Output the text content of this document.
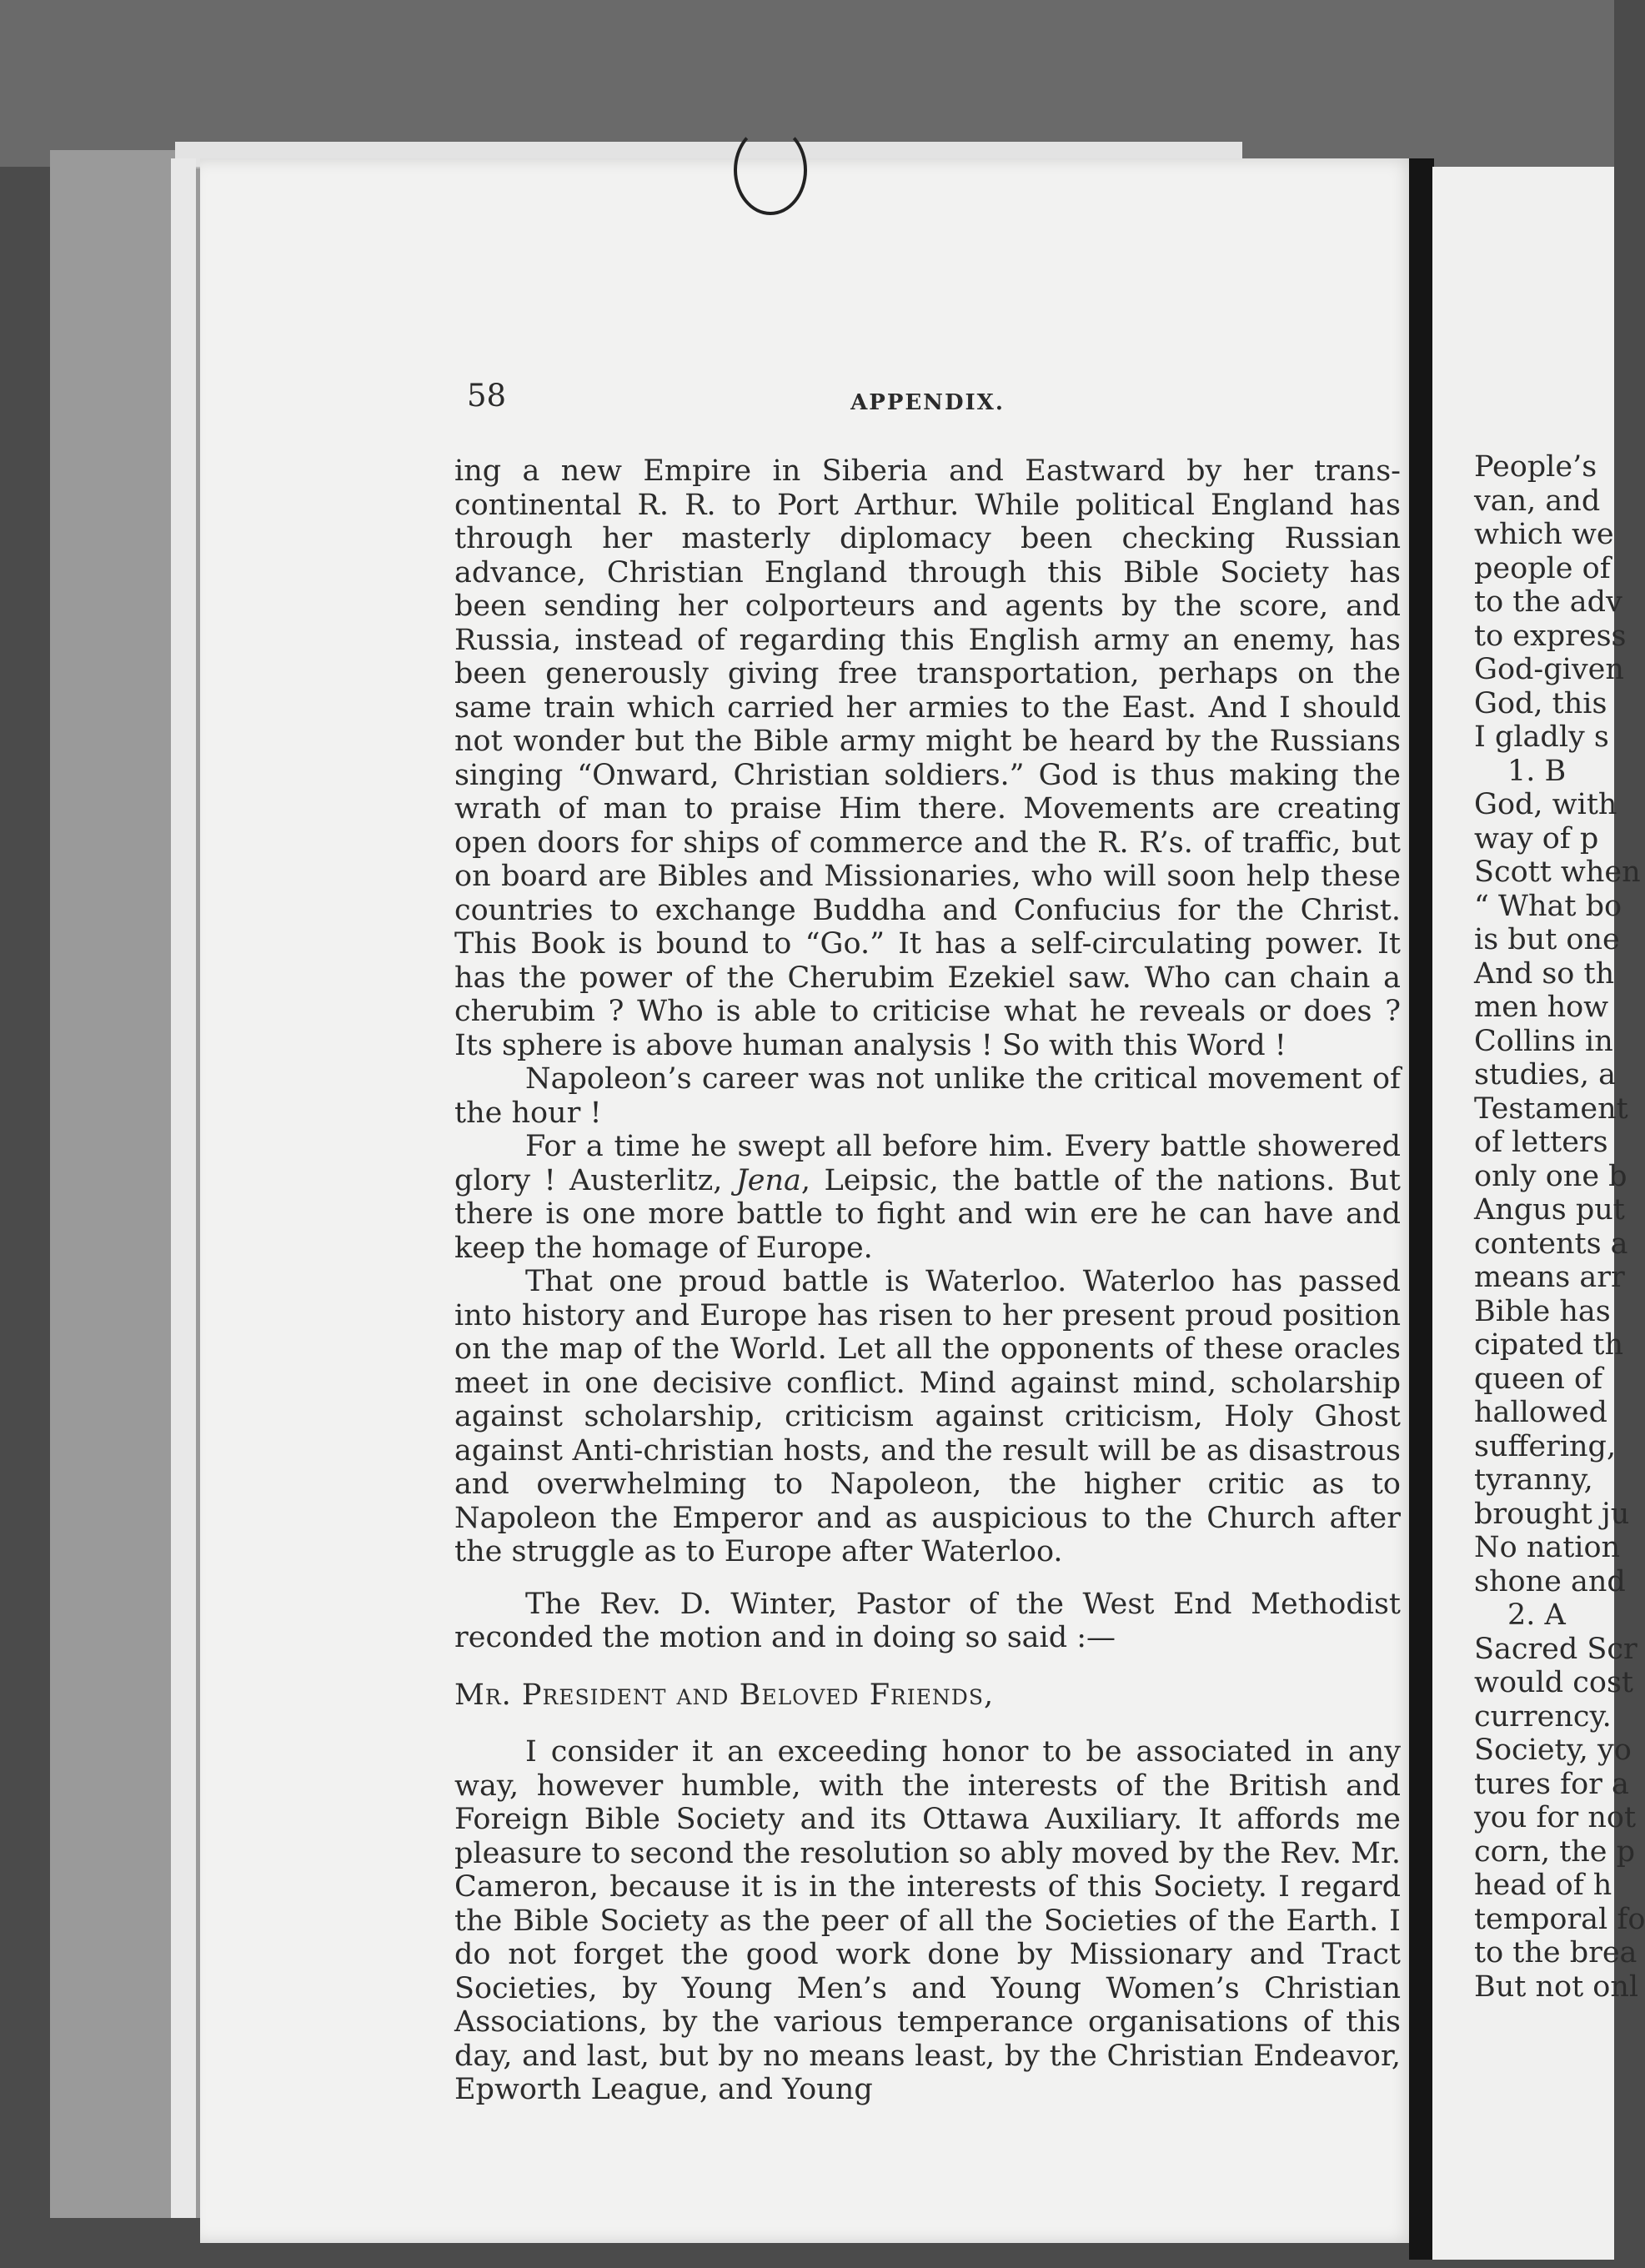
58	APPENDIX.

ing a new Empire in Siberia and Eastward by her trans-continental R. R. to Port Arthur. While political England has through her masterly diplomacy been checking Russian advance, Christian England through this Bible Society has been sending her colporteurs and agents by the score, and Russia, instead of regarding this English army an enemy, has been generously giving free transportation, perhaps on the same train which carried her armies to the East. And I should not wonder but the Bible army might be heard by the Russians singing “Onward, Christian soldiers.” God is thus making the wrath of man to praise Him there. Movements are creating open doors for ships of commerce and the R. R’s. of traffic, but on board are Bibles and Missionaries, who will soon help these countries to exchange Buddha and Confucius for the Christ. This Book is bound to “Go.” It has a self-circulating power. It has the power of the Cherubim Ezekiel saw. Who can chain a cherubim ? Who is able to criticise what he reveals or does ? Its sphere is above human analysis ! So with this Word !

Napoleon’s career was not unlike the critical movement of the hour !

For a time he swept all before him. Every battle showered glory ! Austerlitz, Jena, Leipsic, the battle of the nations. But there is one more battle to fight and win ere he can have and keep the homage of Europe.

That one proud battle is Waterloo. Waterloo has passed into history and Europe has risen to her present proud position on the map of the World. Let all the opponents of these oracles meet in one decisive conflict. Mind against mind, scholarship against scholarship, criticism against criticism, Holy Ghost against Anti-christian hosts, and the result will be as disastrous and overwhelming to Napoleon, the higher critic as to Napoleon the Emperor and as auspicious to the Church after the struggle as to Europe after Waterloo.

The Rev. D. Winter, Pastor of the West End Methodist reconded the motion and in doing so said :—

Mr. President and Beloved Friends,

I consider it an exceeding honor to be associated in any way, however humble, with the interests of the British and Foreign Bible Society and its Ottawa Auxiliary. It affords me pleasure to second the resolution so ably moved by the Rev. Mr. Cameron, because it is in the interests of this Society. I regard the Bible Society as the peer of all the Societies of the Earth. I do not forget the good work done by Missionary and Tract Societies, by Young Men’s and Young Women’s Christian Associations, by the various temperance organisations of this day, and last, but by no means least, by the Christian Endeavor, Epworth League, and Young

People’s
van, and
which we
people of
to the adv
to express
God-given
God, this
I gladly s
1. B
God, with
way of p
Scott when
“ What bo
is but one
And so th
men how
Collins in
studies, a
Testament
of letters
only one b
Angus put
contents a
means arr
Bible has
cipated th
queen of
hallowed
suffering,
tyranny,
brought ju
No nation
shone and
2. A
Sacred Scr
would cost
currency.
Society, yo
tures for a
you for not
corn, the p
head of h
temporal fo
to the brea
But not onl
